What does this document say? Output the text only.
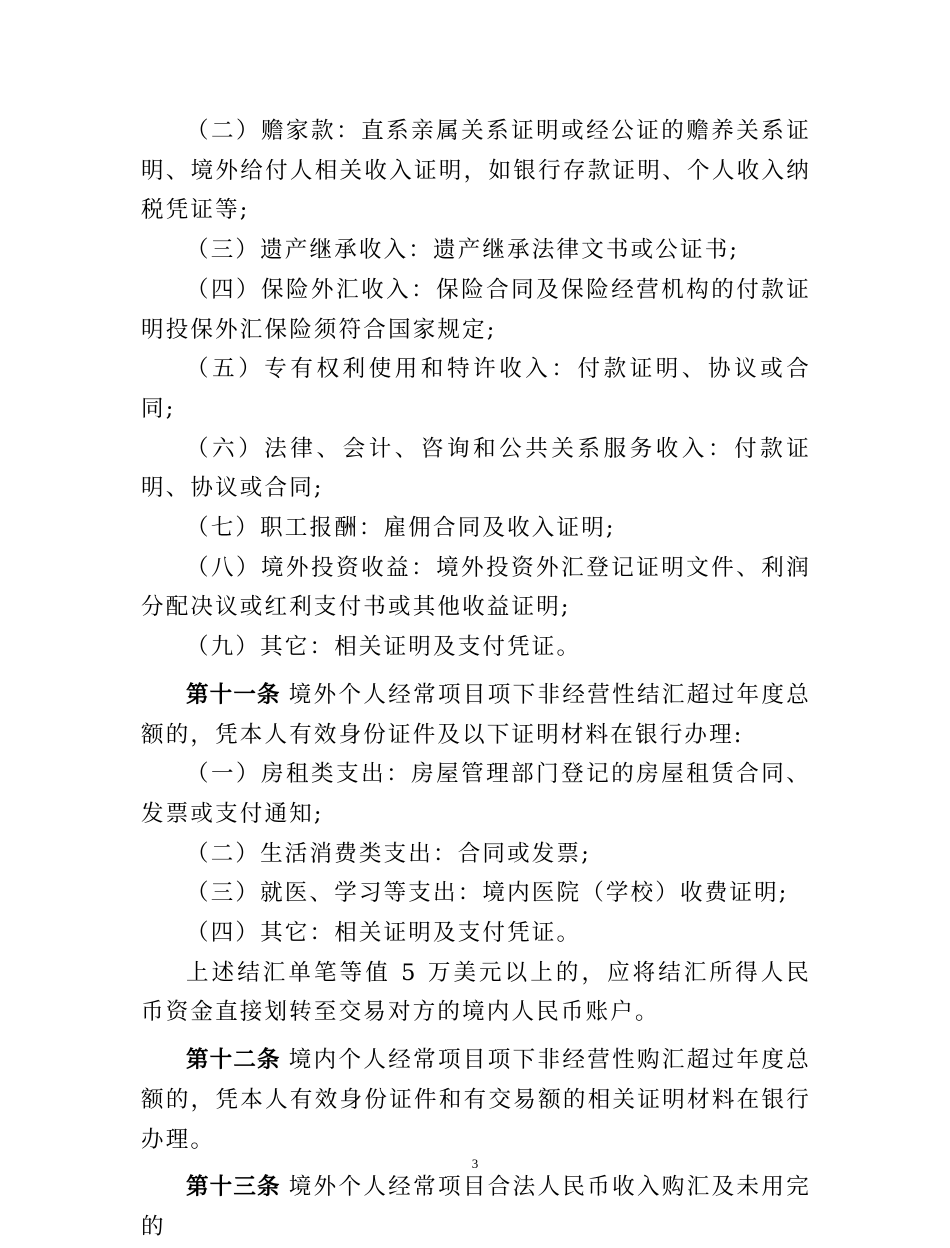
（二）赡家款：直系亲属关系证明或经公证的赡养关系证明、境外给付人相关收入证明，如银行存款证明、个人收入纳税凭证等;

（三）遗产继承收入：遗产继承法律文书或公证书;

（四）保险外汇收入：保险合同及保险经营机构的付款证明投保外汇保险须符合国家规定;

（五）专有权利使用和特许收入：付款证明、协议或合同;

（六）法律、会计、咨询和公共关系服务收入：付款证明、协议或合同;

（七）职工报酬：雇佣合同及收入证明;

（八）境外投资收益：境外投资外汇登记证明文件、利润分配决议或红利支付书或其他收益证明;

（九）其它：相关证明及支付凭证。

第十一条 境外个人经常项目项下非经营性结汇超过年度总额的，凭本人有效身份证件及以下证明材料在银行办理:

（一）房租类支出：房屋管理部门登记的房屋租赁合同、发票或支付通知;

（二）生活消费类支出：合同或发票;

（三）就医、学习等支出：境内医院（学校）收费证明;

（四）其它：相关证明及支付凭证。

上述结汇单笔等值 5 万美元以上的，应将结汇所得人民币资金直接划转至交易对方的境内人民币账户。

第十二条 境内个人经常项目项下非经营性购汇超过年度总额的，凭本人有效身份证件和有交易额的相关证明材料在银行办理。

第十三条 境外个人经常项目合法人民币收入购汇及未用完的

3
